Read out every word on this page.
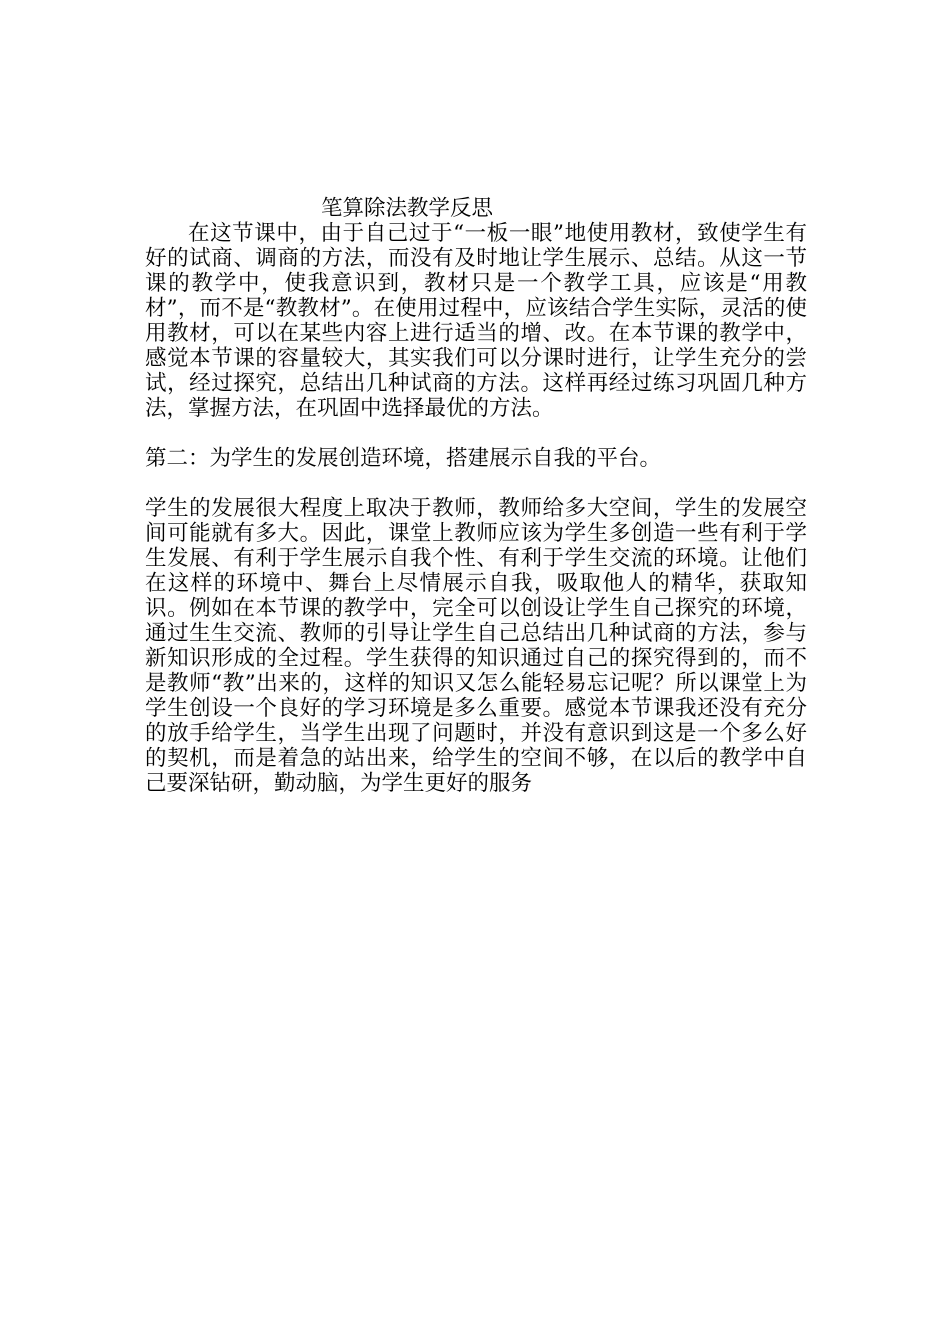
笔算除法教学反思

在这节课中，由于自己过于“一板一眼”地使用教材，致使学生有好的试商、调商的方法，而没有及时地让学生展示、总结。从这一节课的教学中，使我意识到，教材只是一个教学工具，应该是“用教材”，而不是“教教材”。在使用过程中，应该结合学生实际，灵活的使用教材，可以在某些内容上进行适当的增、改。在本节课的教学中，感觉本节课的容量较大，其实我们可以分课时进行，让学生充分的尝试，经过探究，总结出几种试商的方法。这样再经过练习巩固几种方法，掌握方法，在巩固中选择最优的方法。

第二：为学生的发展创造环境，搭建展示自我的平台。

学生的发展很大程度上取决于教师，教师给多大空间，学生的发展空间可能就有多大。因此，课堂上教师应该为学生多创造一些有利于学生发展、有利于学生展示自我个性、有利于学生交流的环境。让他们在这样的环境中、舞台上尽情展示自我，吸取他人的精华，获取知识。例如在本节课的教学中，完全可以创设让学生自己探究的环境，通过生生交流、教师的引导让学生自己总结出几种试商的方法，参与新知识形成的全过程。学生获得的知识通过自己的探究得到的，而不是教师“教”出来的，这样的知识又怎么能轻易忘记呢？所以课堂上为学生创设一个良好的学习环境是多么重要。感觉本节课我还没有充分的放手给学生，当学生出现了问题时，并没有意识到这是一个多么好的契机，而是着急的站出来，给学生的空间不够，在以后的教学中自己要深钻研，勤动脑，为学生更好的服务
